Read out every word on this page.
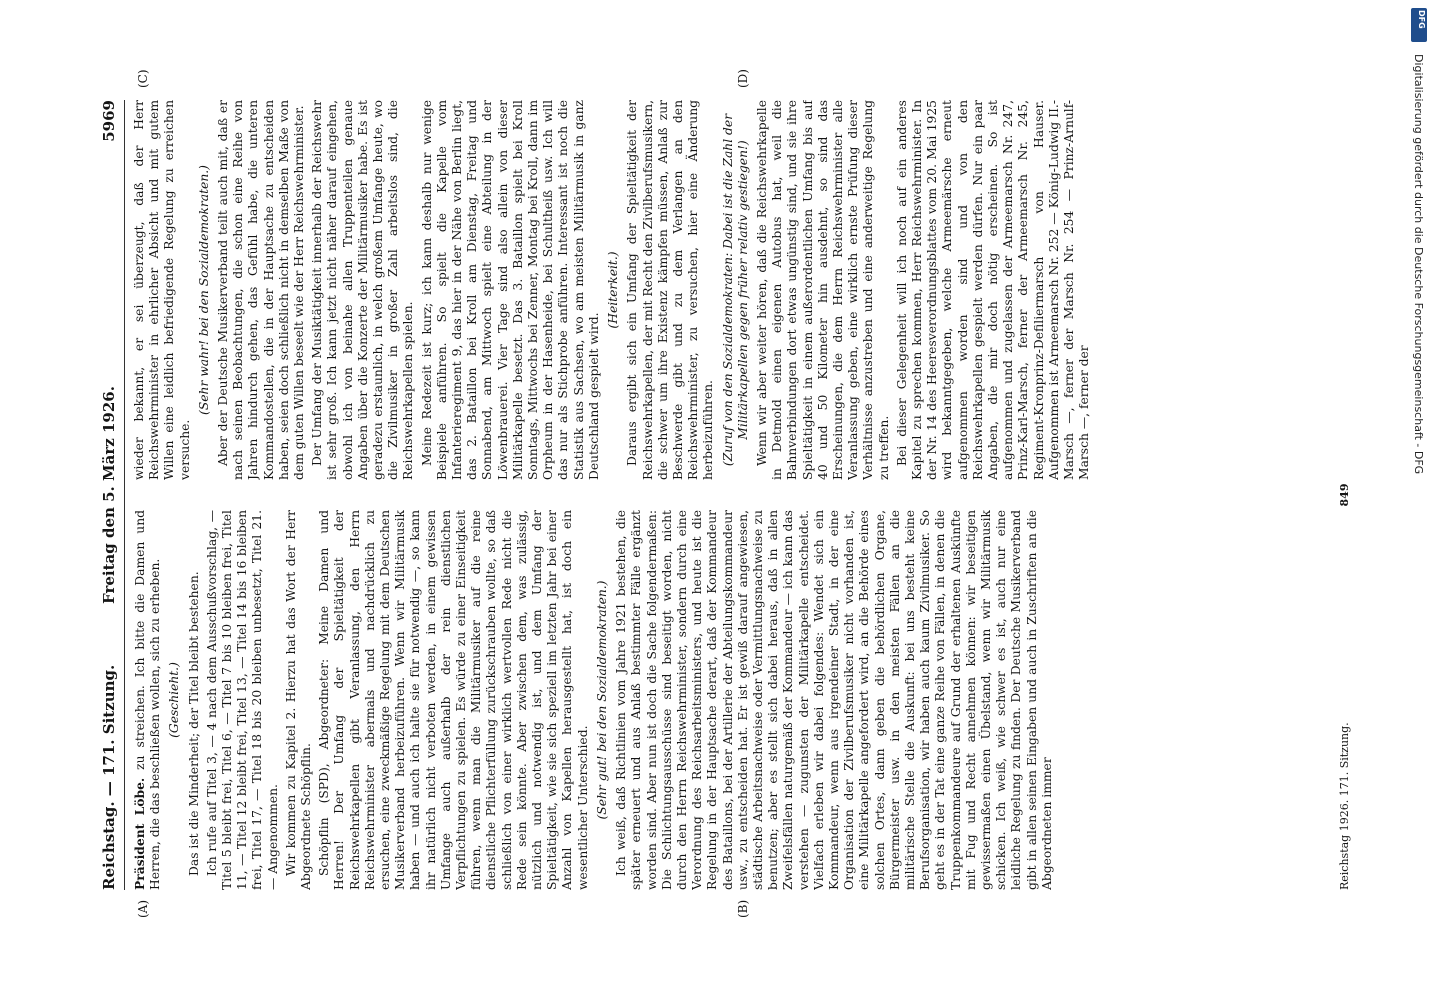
Reichstag. — 171. Sitzung.
Freitag den 5. März 1926.
5969
(A)	(B)
(C)	(D)

Präsident Löbe. zu streichen. Ich bitte die Damen und Herren, die das beschließen wollen, sich zu erheben. (Geschieht.) Das ist die Minderheit; der Titel bleibt bestehen. Ich rufe auf Titel 3, — 4 nach dem Ausschußvorschlag, — Titel 5 bleibt frei, Titel 6, — Titel 7 bis 10 bleiben frei, Titel 11, — Titel 12 bleibt frei, Titel 13, — Titel 14 bis 16 bleiben frei, Titel 17, — Titel 18 bis 20 bleiben unbesetzt, Titel 21. — Angenommen. Wir kommen zu Kapitel 2. Hierzu hat das Wort der Herr Abgeordnete Schöpflin. Schöpflin (SPD), Abgeordneter: Meine Damen und Herren! Der Umfang der Spieltätigkeit der Reichswehrkapellen gibt Veranlassung, den Herrn Reichswehrminister abermals und nachdrücklich zu ersuchen, eine zweckmäßige Regelung mit dem Deutschen Musikerverband herbeizuführen. Wenn wir Militärmusik haben — und auch ich halte sie für notwendig —, so kann ihr natürlich nicht verboten werden, in einem gewissen Umfange auch außerhalb der rein dienstlichen Verpflichtungen zu spielen. Es würde zu einer Einseitigkeit führen, wenn man die Militärmusiker auf die reine dienstliche Pflichterfüllung zurückschrauben wollte, so daß schließlich von einer wirklich wertvollen Rede nicht die Rede sein könnte. Aber zwischen dem, was zulässig, nützlich und notwendig ist, und dem Umfang der Spieltätigkeit, wie sie sich speziell im letzten Jahr bei einer Anzahl von Kapellen herausgestellt hat, ist doch ein wesentlicher Unterschied. (Sehr gut! bei den Sozialdemokraten.) Ich weiß, daß Richtlinien vom Jahre 1921 bestehen, die später erneuert und aus Anlaß bestimmter Fälle ergänzt worden sind. Aber nun ist doch die Sache folgendermaßen: Die Schlichtungsausschüsse sind beseitigt worden, nicht durch den Herrn Reichswehrminister, sondern durch eine Verordnung des Reichsarbeitsministers, und heute ist die Regelung in der Hauptsache derart, daß der Kommandeur des Bataillons, bei der Artillerie der Abteilungskommandeur usw., zu entscheiden hat. Er ist gewiß darauf angewiesen, städtische Arbeitsnachweise oder Vermittlungsnachweise zu benutzen; aber es stellt sich dabei heraus, daß in allen Zweifelsfällen naturgemäß der Kommandeur — ich kann das verstehen — zugunsten der Militärkapelle entscheidet. Vielfach erleben wir dabei folgendes: Wendet sich ein Kommandeur, wenn aus irgendeiner Stadt, in der eine Organisation der Zivilberufsmusiker nicht vorhanden ist, eine Militärkapelle angefordert wird, an die Behörde eines solchen Ortes, dann geben die behördlichen Organe, Bürgermeister usw. in den meisten Fällen an die militärische Stelle die Auskunft: bei uns besteht keine Berufsorganisation, wir haben auch kaum Zivilmusiker. So geht es in der Tat eine ganze Reihe von Fällen, in denen die Truppenkommandeure auf Grund der erhaltenen Auskünfte mit Fug und Recht annehmen können: wir beseitigen gewissermaßen einen Übelstand, wenn wir Militärmusik schicken. Ich weiß, wie schwer es ist, auch nur eine leidliche Regelung zu finden. Der Deutsche Musikerverband gibt in allen seinen Eingaben und auch in Zuschriften an die Abgeordneten immer

wieder bekannt, er sei überzeugt, daß der Herr Reichswehrminister in ehrlicher Absicht und mit gutem Willen eine leidlich befriedigende Regelung zu erreichen versuche.

(Sehr wahr! bei den Sozialdemokraten.) Aber der Deutsche Musikerverband teilt auch mit, daß er nach seinen Beobachtungen, die schon eine Reihe von Jahren hindurch gehen, das Gefühl habe, die unteren Kommandostellen, die in der Hauptsache zu entscheiden haben, seien doch schließlich nicht in demselben Maße von dem guten Willen beseelt wie der Herr Reichswehrminister. Der Umfang der Musiktätigkeit innerhalb der Reichswehr ist sehr groß. Ich kann jetzt nicht näher darauf eingehen, obwohl ich von beinahe allen Truppenteilen genaue Angaben über die Konzerte der Militärmusiker habe. Es ist geradezu erstaunlich, in welch großem Umfange heute, wo die Zivilmusiker in großer Zahl arbeitslos sind, die Reichswehrkapellen spielen. Meine Redezeit ist kurz; ich kann deshalb nur wenige Beispiele anführen. So spielt die Kapelle vom Infanterieregiment 9, das hier in der Nähe von Berlin liegt, das 2. Bataillon bei Kroll am Dienstag, Freitag und Sonnabend, am Mittwoch spielt eine Abteilung in der Löwenbrauerei. Vier Tage sind also allein von dieser Militärkapelle besetzt. Das 3. Bataillon spielt bei Kroll Sonntags, Mittwochs bei Zenner, Montag bei Kroll, dann im Orpheum in der Hasenheide, bei Schultheiß usw. Ich will das nur als Stichprobe anführen. Interessant ist noch die Statistik aus Sachsen, wo am meisten Militärmusik in ganz Deutschland gespielt wird.

(Heiterkeit.) Daraus ergibt sich ein Umfang der Spieltätigkeit der Reichswehrkapellen, der mit Recht den Zivilberufsmusikern, die schwer um ihre Existenz kämpfen müssen, Anlaß zur Beschwerde gibt und zu dem Verlangen an den Reichswehrminister, zu versuchen, hier eine Änderung herbeizuführen. (Zuruf von den Sozialdemokraten: Dabei ist die Zahl der Militärkapellen gegen früher relativ gestiegen!) Wenn wir aber weiter hören, daß die Reichswehrkapelle in Detmold einen eigenen Autobus hat, weil die Bahnverbindungen dort etwas ungünstig sind, und sie ihre Spieltätigkeit in einem außerordentlichen Umfang bis auf 40 und 50 Kilometer hin ausdehnt, so sind das Erscheinungen, die dem Herrn Reichswehrminister alle Veranlassung geben, eine wirklich ernste Prüfung dieser Verhältnisse anzustreben und eine anderweitige Regelung zu treffen. Bei dieser Gelegenheit will ich noch auf ein anderes Kapitel zu sprechen kommen, Herr Reichswehrminister. In der Nr. 14 des Heeresverordnungsblattes vom 20. Mai 1925 wird bekanntgegeben, welche Armeemärsche erneut aufgenommen worden sind und von den Reichswehrkapellen gespielt werden dürfen. Nur ein paar Angaben, die mir doch nötig erscheinen. So ist aufgenommen und zugelassen der Armeemarsch Nr. 247, Prinz-Karl-Marsch, ferner der Armeemarsch Nr. 245, Regiment-Kronprinz-Defiliermarsch von Hauser. Aufgenommen ist Armeemarsch Nr. 252 — König-Ludwig II.-Marsch —, ferner der Marsch Nr. 254 — Prinz-Arnulf-Marsch —, ferner der

Reichstag 1926. 171. Sitzung.
849
Digitalisierung gefördert durch die Deutsche Forschungsgemeinschaft - DFG
DFG
